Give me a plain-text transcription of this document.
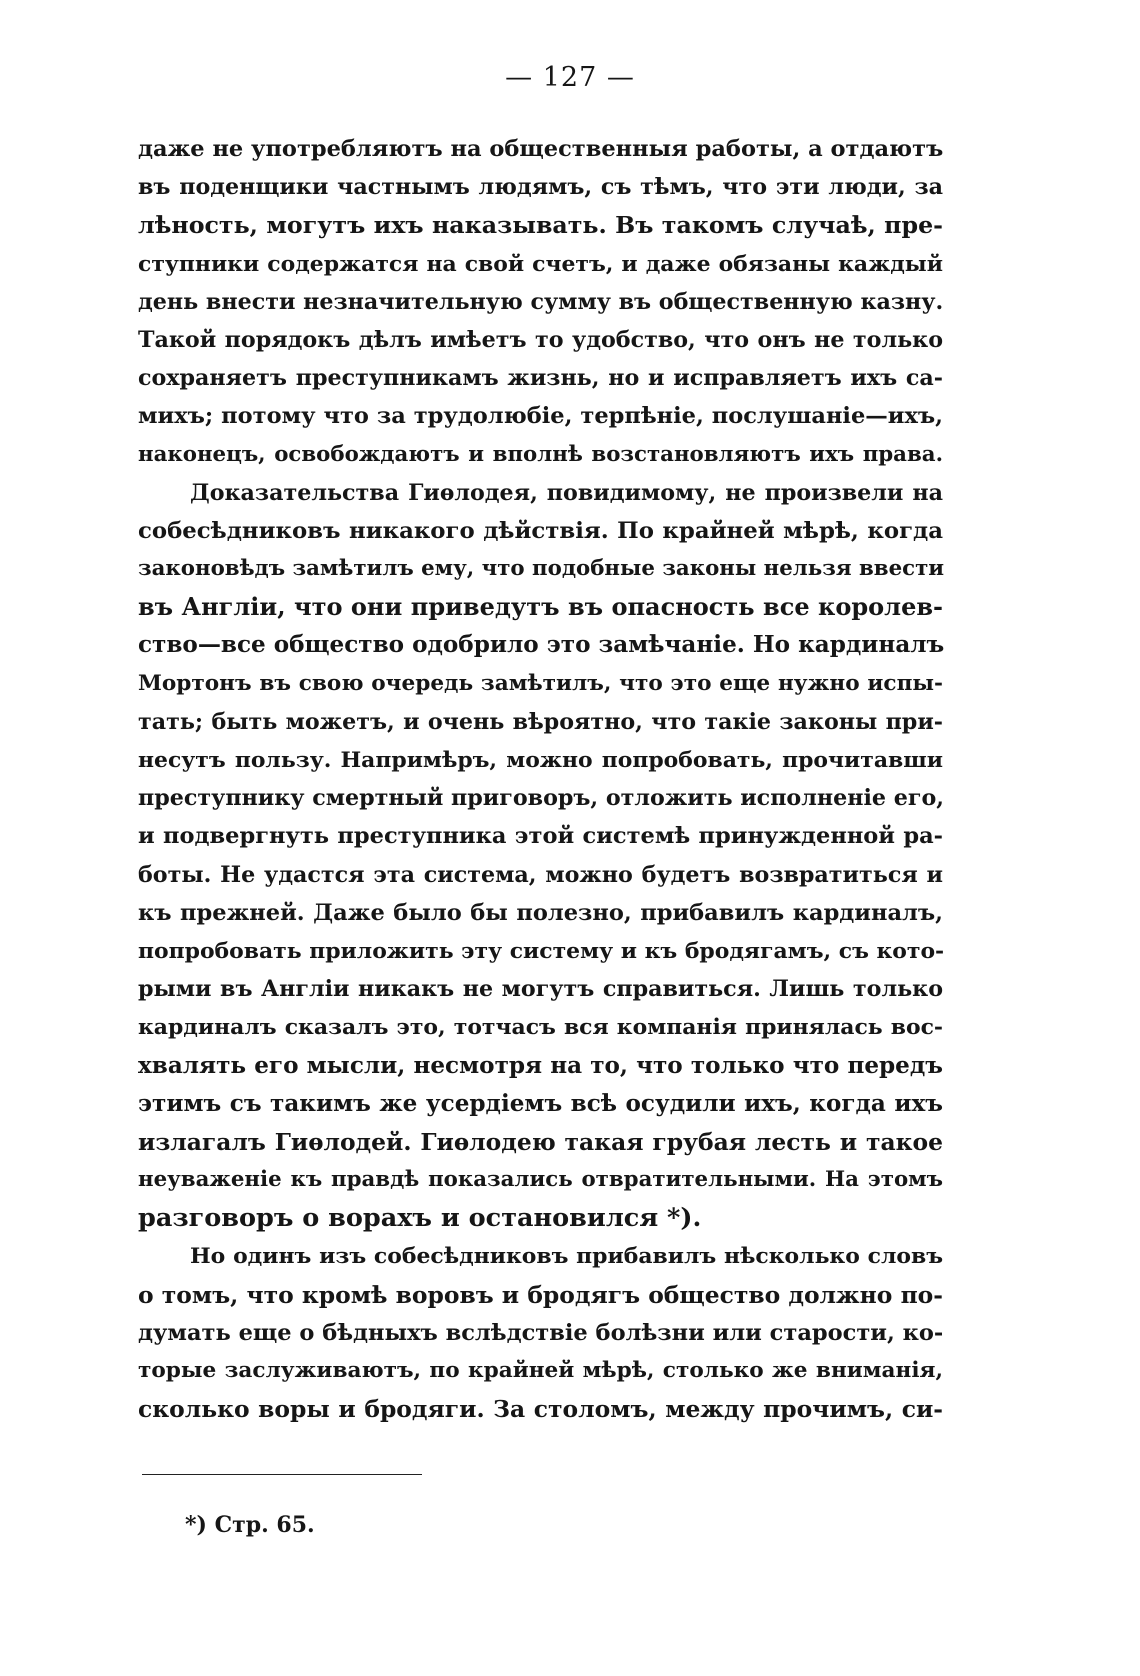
— 127 —
даже не употребляютъ на общественныя работы, а отдаютъ
въ поденщики частнымъ людямъ, съ тѣмъ, что эти люди, за
лѣность, могутъ ихъ наказывать. Въ такомъ случаѣ, пре-
ступники содержатся на свой счетъ, и даже обязаны каждый
день внести незначительную сумму въ общественную казну.
Такой порядокъ дѣлъ имѣетъ то удобство, что онъ не только
сохраняетъ преступникамъ жизнь, но и исправляетъ ихъ са-
михъ; потому что за трудолюбіе, терпѣніе, послушаніе—ихъ,
наконецъ, освобождаютъ и вполнѣ возстановляютъ ихъ права.
Доказательства Гиѳлодея, повидимому, не произвели на
собесѣдниковъ никакого дѣйствія. По крайней мѣрѣ, когда
законовѣдъ замѣтилъ ему, что подобные законы нельзя ввести
въ Англіи, что они приведутъ въ опасность все королев-
ство—все общество одобрило это замѣчаніе. Но кардиналъ
Мортонъ въ свою очередь замѣтилъ, что это еще нужно испы-
тать; быть можетъ, и очень вѣроятно, что такіе законы при-
несутъ пользу. Напримѣръ, можно попробовать, прочитавши
преступнику смертный приговоръ, отложить исполненіе его,
и подвергнуть преступника этой системѣ принужденной ра-
боты. Не удастся эта система, можно будетъ возвратиться и
къ прежней. Даже было бы полезно, прибавилъ кардиналъ,
попробовать приложить эту систему и къ бродягамъ, съ кото-
рыми въ Англіи никакъ не могутъ справиться. Лишь только
кардиналъ сказалъ это, тотчасъ вся компанія принялась вос-
хвалять его мысли, несмотря на то, что только что передъ
этимъ съ такимъ же усердіемъ всѣ осудили ихъ, когда ихъ
излагалъ Гиѳлодей. Гиѳлодею такая грубая лесть и такое
неуваженіе къ правдѣ показались отвратительными. На этомъ
разговоръ о ворахъ и остановился *).
Но одинъ изъ собесѣдниковъ прибавилъ нѣсколько словъ
о томъ, что кромѣ воровъ и бродягъ общество должно по-
думать еще о бѣдныхъ вслѣдствіе болѣзни или старости, ко-
торые заслуживаютъ, по крайней мѣрѣ, столько же вниманія,
сколько воры и бродяги. За столомъ, между прочимъ, си-
*) Стр. 65.
